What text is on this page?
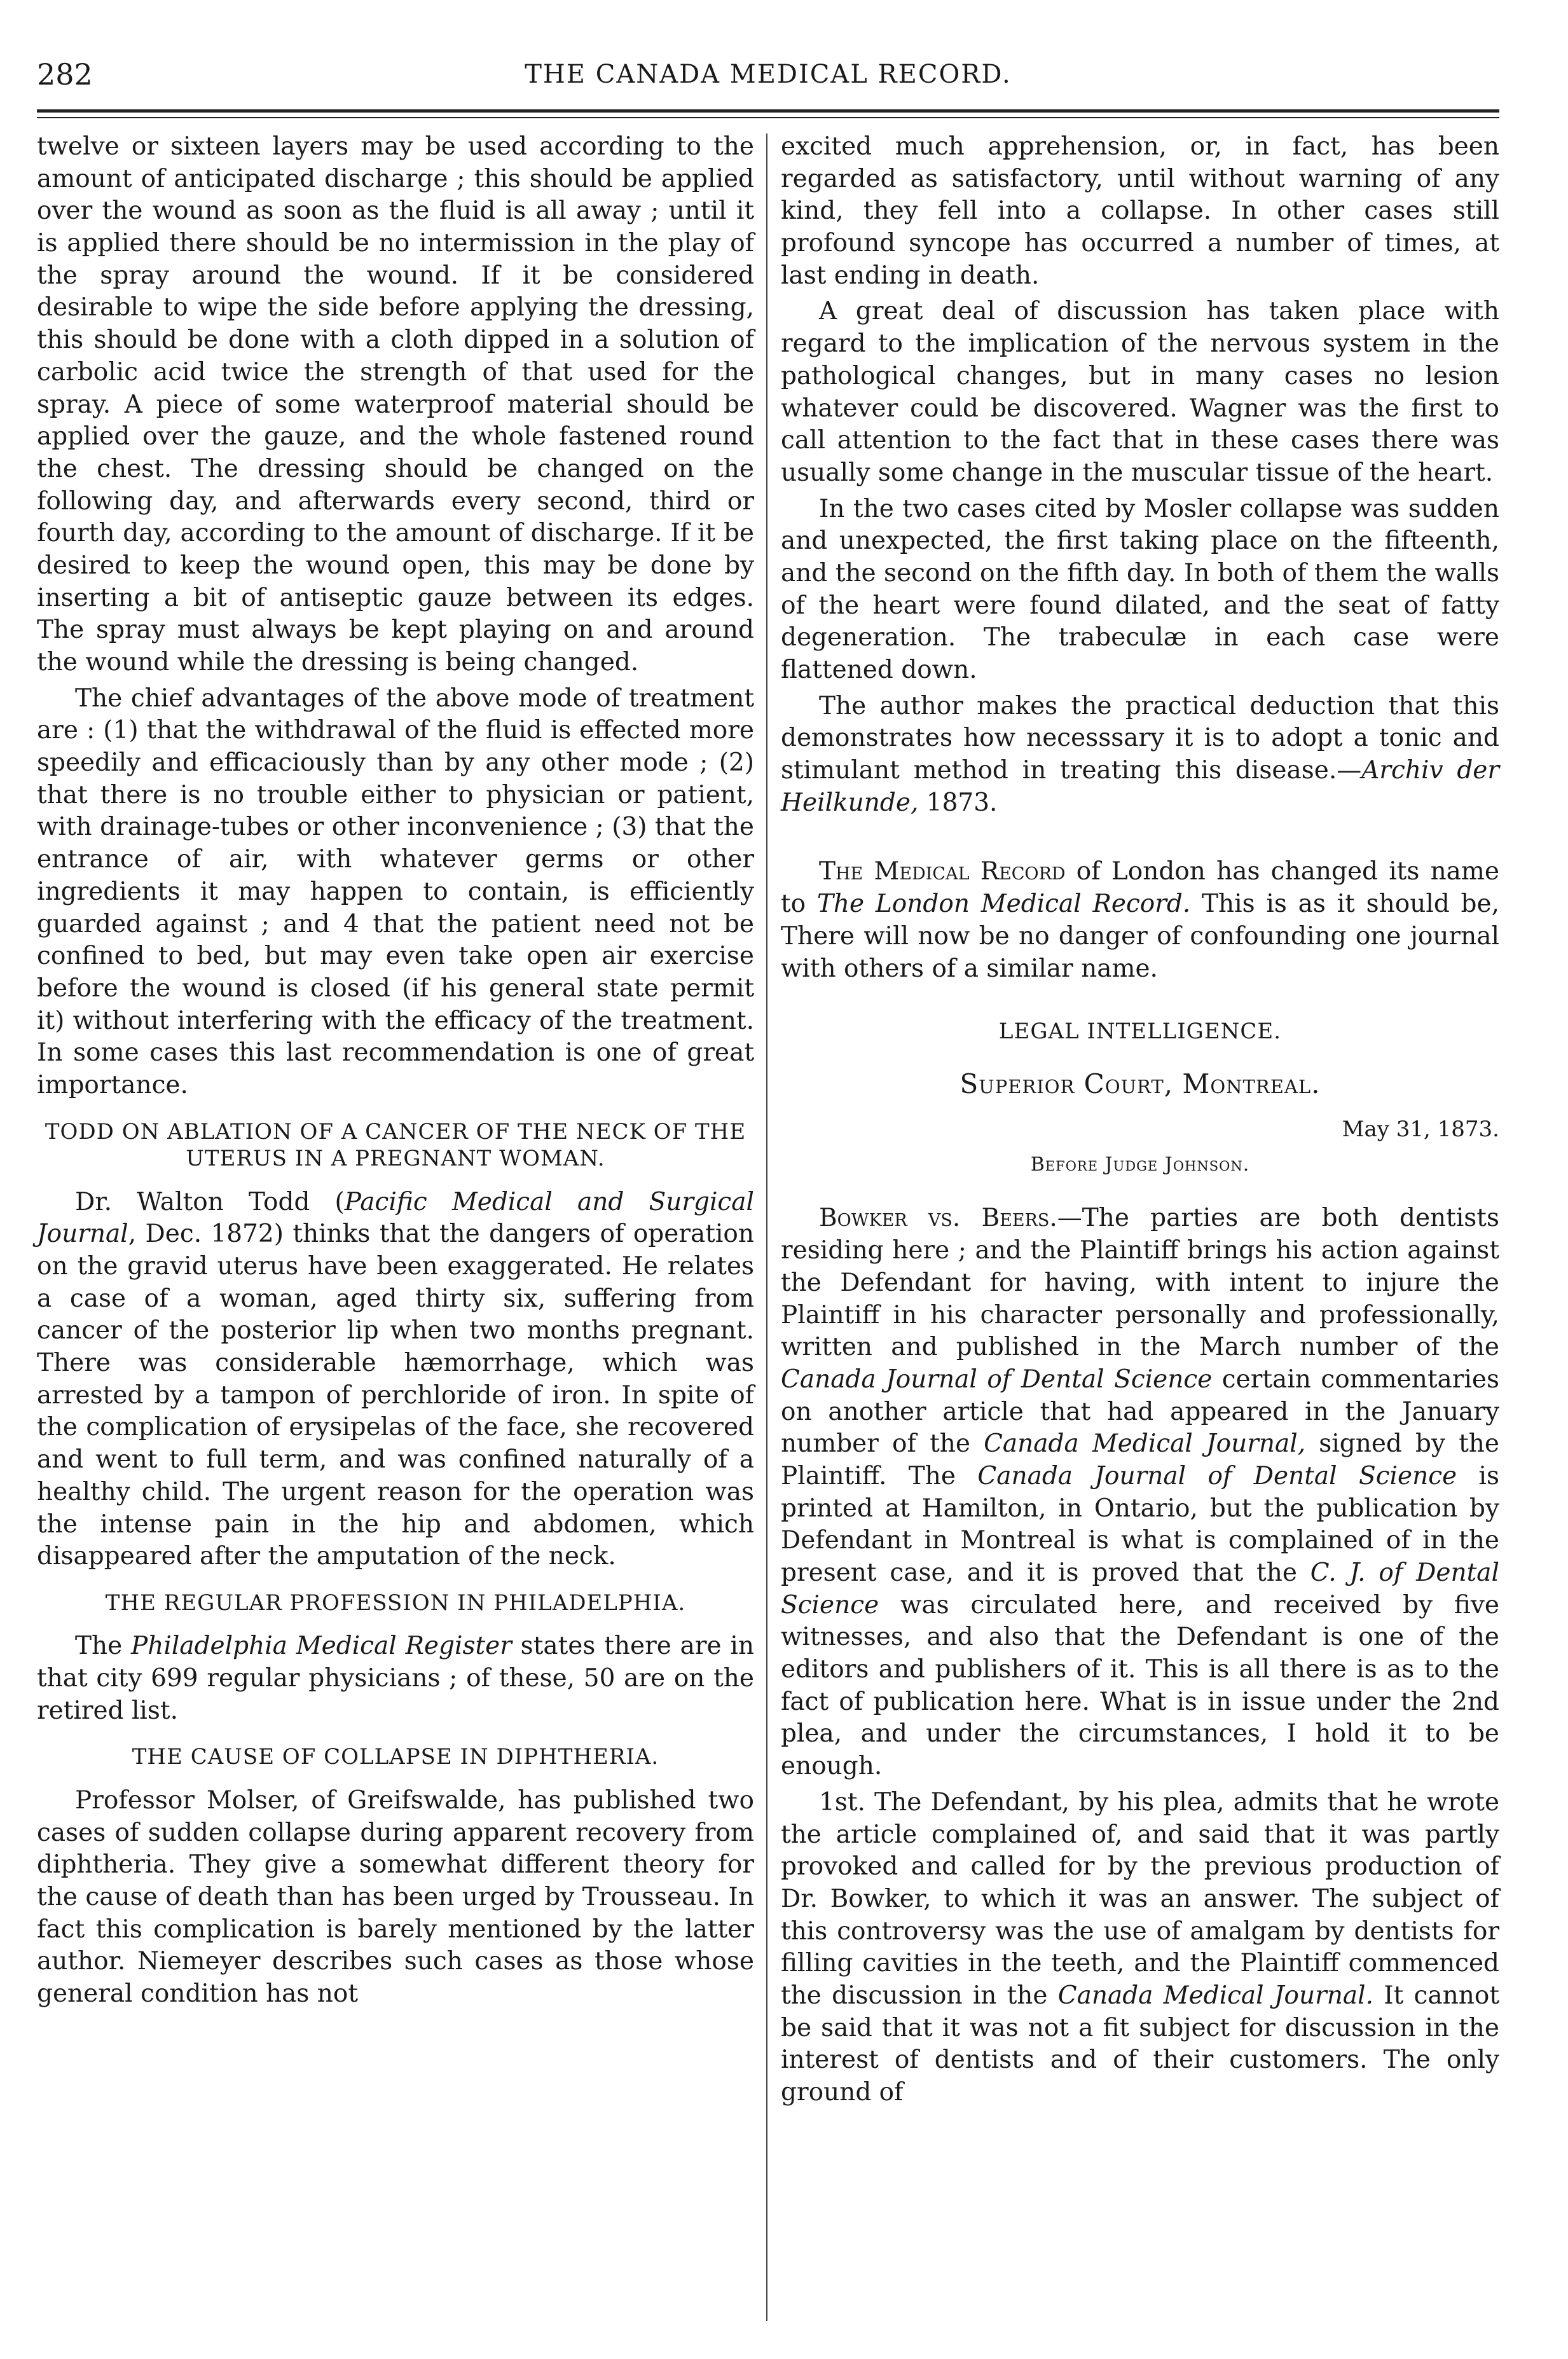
282	THE CANADA MEDICAL RECORD.

twelve or sixteen layers may be used according to the amount of anticipated discharge ; this should be applied over the wound as soon as the fluid is all away ; until it is applied there should be no intermission in the play of the spray around the wound. If it be considered desirable to wipe the side before applying the dressing, this should be done with a cloth dipped in a solution of carbolic acid twice the strength of that used for the spray. A piece of some waterproof material should be applied over the gauze, and the whole fastened round the chest. The dressing should be changed on the following day, and afterwards every second, third or fourth day, according to the amount of discharge. If it be desired to keep the wound open, this may be done by inserting a bit of antiseptic gauze between its edges. The spray must always be kept playing on and around the wound while the dressing is being changed.

The chief advantages of the above mode of treatment are : (1) that the withdrawal of the fluid is effected more speedily and efficaciously than by any other mode ; (2) that there is no trouble either to physician or patient, with drainage-tubes or other inconvenience ; (3) that the entrance of air, with whatever germs or other ingredients it may happen to contain, is efficiently guarded against ; and 4 that the patient need not be confined to bed, but may even take open air exercise before the wound is closed (if his general state permit it) without interfering with the efficacy of the treatment. In some cases this last recommendation is one of great importance.

TODD ON ABLATION OF A CANCER OF THE NECK OF THE UTERUS IN A PREGNANT WOMAN.

Dr. Walton Todd (Pacific Medical and Surgical Journal, Dec. 1872) thinks that the dangers of operation on the gravid uterus have been exaggerated. He relates a case of a woman, aged thirty six, suffering from cancer of the posterior lip when two months pregnant. There was considerable hæmorrhage, which was arrested by a tampon of perchloride of iron. In spite of the complication of erysipelas of the face, she recovered and went to full term, and was confined naturally of a healthy child. The urgent reason for the operation was the intense pain in the hip and abdomen, which disappeared after the amputation of the neck.

THE REGULAR PROFESSION IN PHILADELPHIA.

The Philadelphia Medical Register states there are in that city 699 regular physicians ; of these, 50 are on the retired list.

THE CAUSE OF COLLAPSE IN DIPHTHERIA.

Professor Molser, of Greifswalde, has published two cases of sudden collapse during apparent recovery from diphtheria. They give a somewhat different theory for the cause of death than has been urged by Trousseau. In fact this complication is barely mentioned by the latter author. Niemeyer describes such cases as those whose general condition has not

excited much apprehension, or, in fact, has been regarded as satisfactory, until without warning of any kind, they fell into a collapse. In other cases still profound syncope has occurred a number of times, at last ending in death.

A great deal of discussion has taken place with regard to the implication of the nervous system in the pathological changes, but in many cases no lesion whatever could be discovered. Wagner was the first to call attention to the fact that in these cases there was usually some change in the muscular tissue of the heart.

In the two cases cited by Mosler collapse was sudden and unexpected, the first taking place on the fifteenth, and the second on the fifth day. In both of them the walls of the heart were found dilated, and the seat of fatty degeneration. The trabeculæ in each case were flattened down.

The author makes the practical deduction that this demonstrates how necesssary it is to adopt a tonic and stimulant method in treating this disease.—Archiv der Heilkunde, 1873.

The Medical Record of London has changed its name to The London Medical Record. This is as it should be, There will now be no danger of confounding one journal with others of a similar name.

LEGAL INTELLIGENCE.
Superior Court, Montreal.
May 31, 1873.
Before Judge Johnson.

Bowker vs. Beers.—The parties are both dentists residing here ; and the Plaintiff brings his action against the Defendant for having, with intent to injure the Plaintiff in his character personally and professionally, written and published in the March number of the Canada Journal of Dental Science certain commentaries on another article that had appeared in the January number of the Canada Medical Journal, signed by the Plaintiff. The Canada Journal of Dental Science is printed at Hamilton, in Ontario, but the publication by Defendant in Montreal is what is complained of in the present case, and it is proved that the C. J. of Dental Science was circulated here, and received by five witnesses, and also that the Defendant is one of the editors and publishers of it. This is all there is as to the fact of publication here. What is in issue under the 2nd plea, and under the circumstances, I hold it to be enough.

1st. The Defendant, by his plea, admits that he wrote the article complained of, and said that it was partly provoked and called for by the previous production of Dr. Bowker, to which it was an answer. The subject of this controversy was the use of amalgam by dentists for filling cavities in the teeth, and the Plaintiff commenced the discussion in the Canada Medical Journal. It cannot be said that it was not a fit subject for discussion in the interest of dentists and of their customers. The only ground of
